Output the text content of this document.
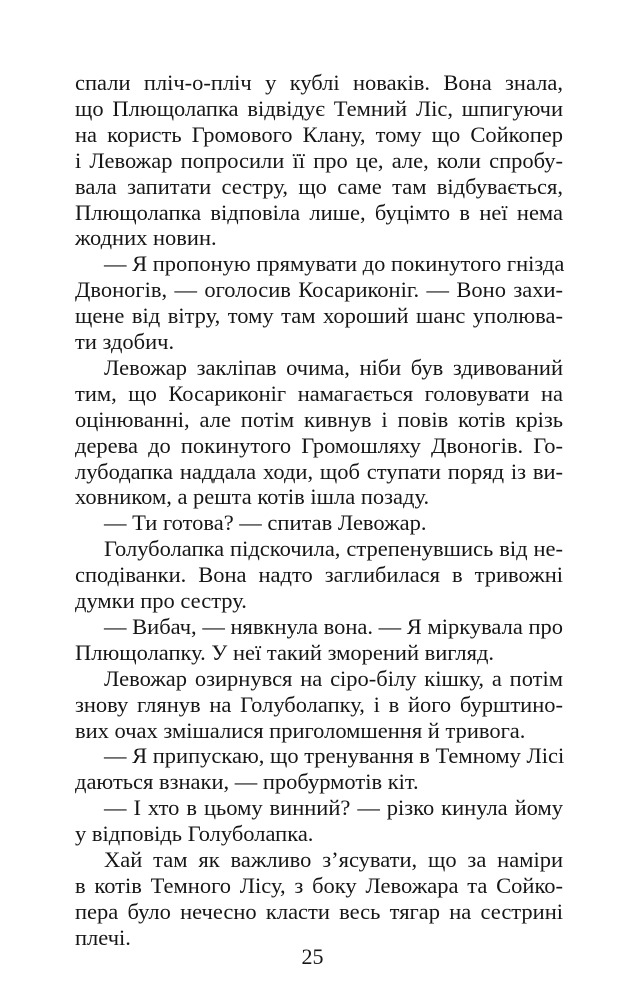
спали пліч-о-пліч у кублі новаків. Вона знала,
що Плющолапка відвідує Темний Ліс, шпигуючи
на користь Громового Клану, тому що Сойкопер
і Левожар попросили її про це, але, коли спробу-
вала запитати сестру, що саме там відбувається,
Плющолапка відповіла лише, буцімто в неї нема
жодних новин.
— Я пропоную прямувати до покинутого гнізда
Двоногів, — оголосив Косариконіг. — Воно захи-
щене від вітру, тому там хороший шанс уполюва-
ти здобич.
Левожар закліпав очима, ніби був здивований
тим, що Косариконіг намагається головувати на
оцінюванні, але потім кивнув і повів котів крізь
дерева до покинутого Громошляху Двоногів. Го-
лубодапка наддала ходи, щоб ступати поряд із ви-
ховником, а решта котів ішла позаду.
— Ти готова? — спитав Левожар.
Голуболапка підскочила, стрепенувшись від не-
сподіванки. Вона надто заглибилася в тривожні
думки про сестру.
— Вибач, — нявкнула вона. — Я міркувала про
Плющолапку. У неї такий зморений вигляд.
Левожар озирнувся на сіро-білу кішку, а потім
знову глянув на Голуболапку, і в його бурштино-
вих очах змішалися приголомшення й тривога.
— Я припускаю, що тренування в Темному Лісі
даються взнаки, — пробурмотів кіт.
— І хто в цьому винний? — різко кинула йому
у відповідь Голуболапка.
Хай там як важливо з’ясувати, що за наміри
в котів Темного Лісу, з боку Левожара та Сойко-
пера було нечесно класти весь тягар на сестрині
плечі.
25
